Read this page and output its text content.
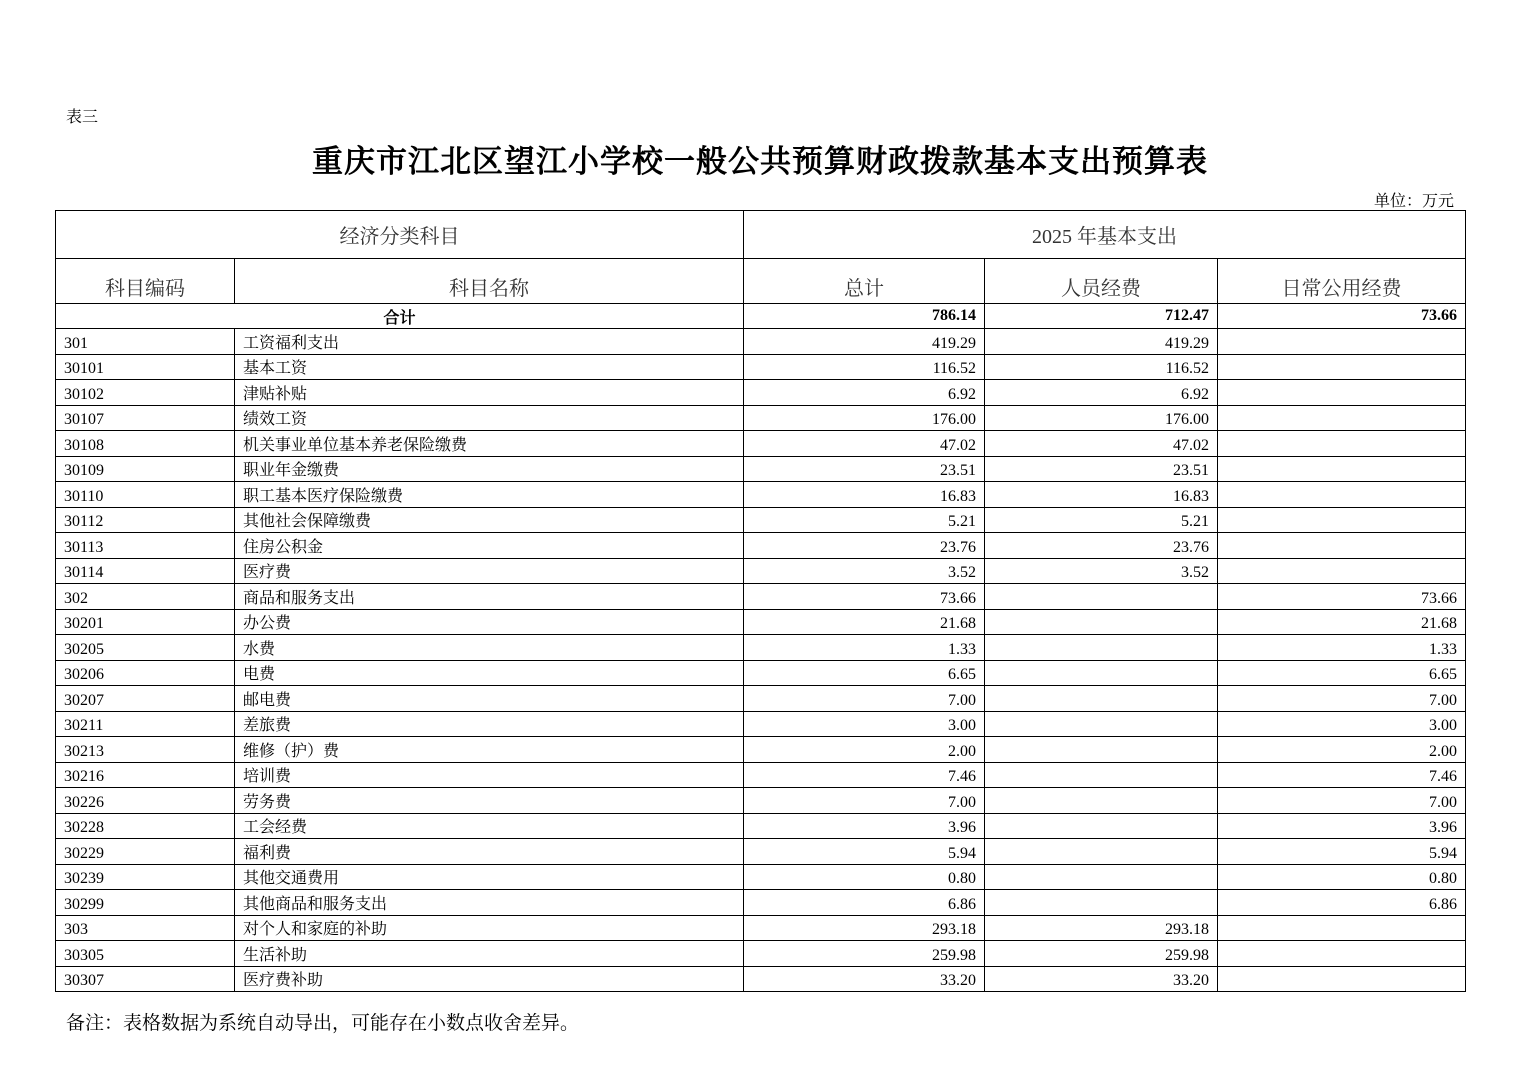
表三
重庆市江北区望江小学校一般公共预算财政拨款基本支出预算表
单位：万元
经济分类科目		2025 年基本支出		
科目编码	科目名称	总计	人员经费	日常公用经费
合计		786.14	712.47	73.66
301	工资福利支出	419.29	419.29	
30101	基本工资	116.52	116.52	
30102	津贴补贴	6.92	6.92	
30107	绩效工资	176.00	176.00	
30108	机关事业单位基本养老保险缴费	47.02	47.02	
30109	职业年金缴费	23.51	23.51	
30110	职工基本医疗保险缴费	16.83	16.83	
30112	其他社会保障缴费	5.21	5.21	
30113	住房公积金	23.76	23.76	
30114	医疗费	3.52	3.52	
302	商品和服务支出	73.66		73.66
30201	办公费	21.68		21.68
30205	水费	1.33		1.33
30206	电费	6.65		6.65
30207	邮电费	7.00		7.00
30211	差旅费	3.00		3.00
30213	维修（护）费	2.00		2.00
30216	培训费	7.46		7.46
30226	劳务费	7.00		7.00
30228	工会经费	3.96		3.96
30229	福利费	5.94		5.94
30239	其他交通费用	0.80		0.80
30299	其他商品和服务支出	6.86		6.86
303	对个人和家庭的补助	293.18	293.18	
30305	生活补助	259.98	259.98	
30307	医疗费补助	33.20	33.20	
备注：表格数据为系统自动导出，可能存在小数点收舍差异。
